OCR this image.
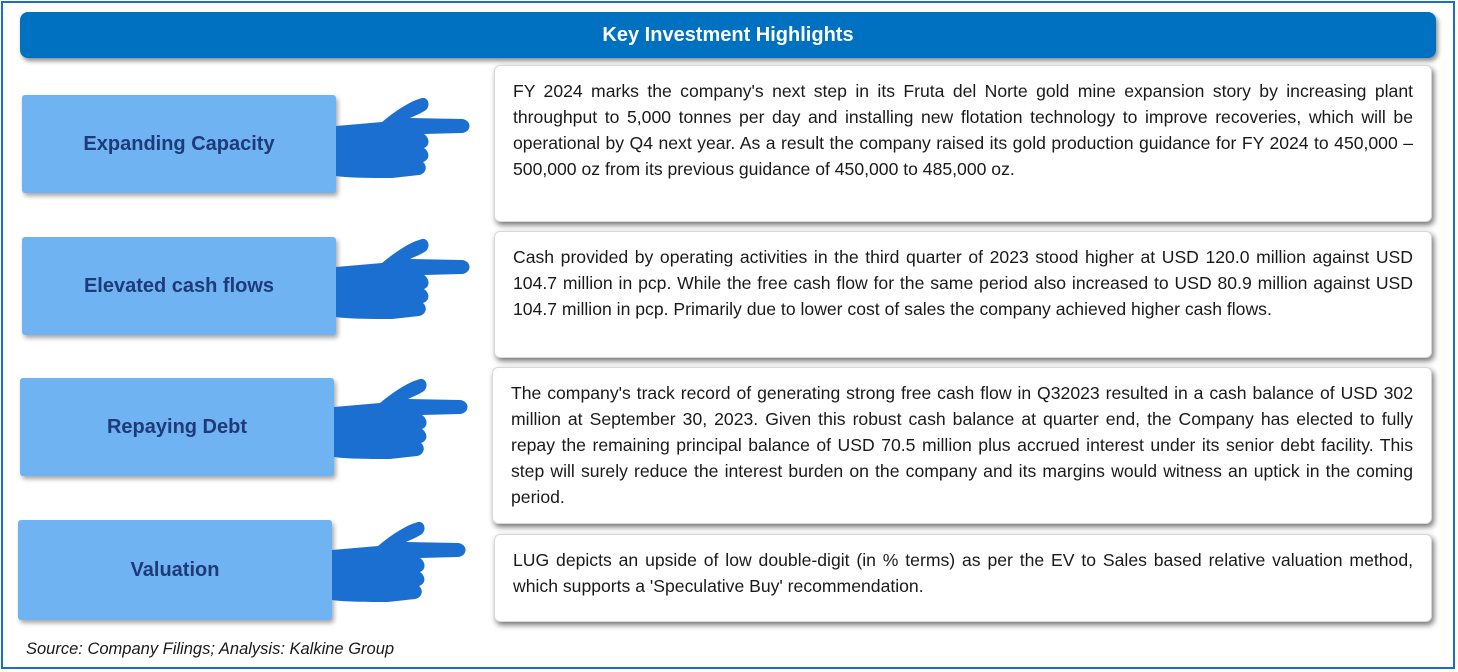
Key Investment Highlights
Expanding Capacity
FY 2024 marks the company's next step in its Fruta del Norte gold mine expansion story by increasing plant throughput to 5,000 tonnes per day and installing new flotation technology to improve recoveries, which will be operational by Q4 next year. As a result the company raised its gold production guidance for FY 2024 to 450,000 – 500,000 oz from its previous guidance of 450,000 to 485,000 oz.
Elevated cash flows
Cash provided by operating activities in the third quarter of 2023 stood higher at USD 120.0 million against USD 104.7 million in pcp. While the free cash flow for the same period also increased to USD 80.9 million against USD 104.7 million in pcp. Primarily due to lower cost of sales the company achieved higher cash flows.
Repaying Debt
The company's track record of generating strong free cash flow in Q32023 resulted in a cash balance of USD 302 million at September 30, 2023. Given this robust cash balance at quarter end, the Company has elected to fully repay the remaining principal balance of USD 70.5 million plus accrued interest under its senior debt facility. This step will surely reduce the interest burden on the company and its margins would witness an uptick in the coming period.
Valuation	LUG depicts an upside of low double-digit (in % terms) as per the EV to Sales based relative valuation method, which supports a 'Speculative Buy' recommendation.
Source: Company Filings; Analysis: Kalkine Group
